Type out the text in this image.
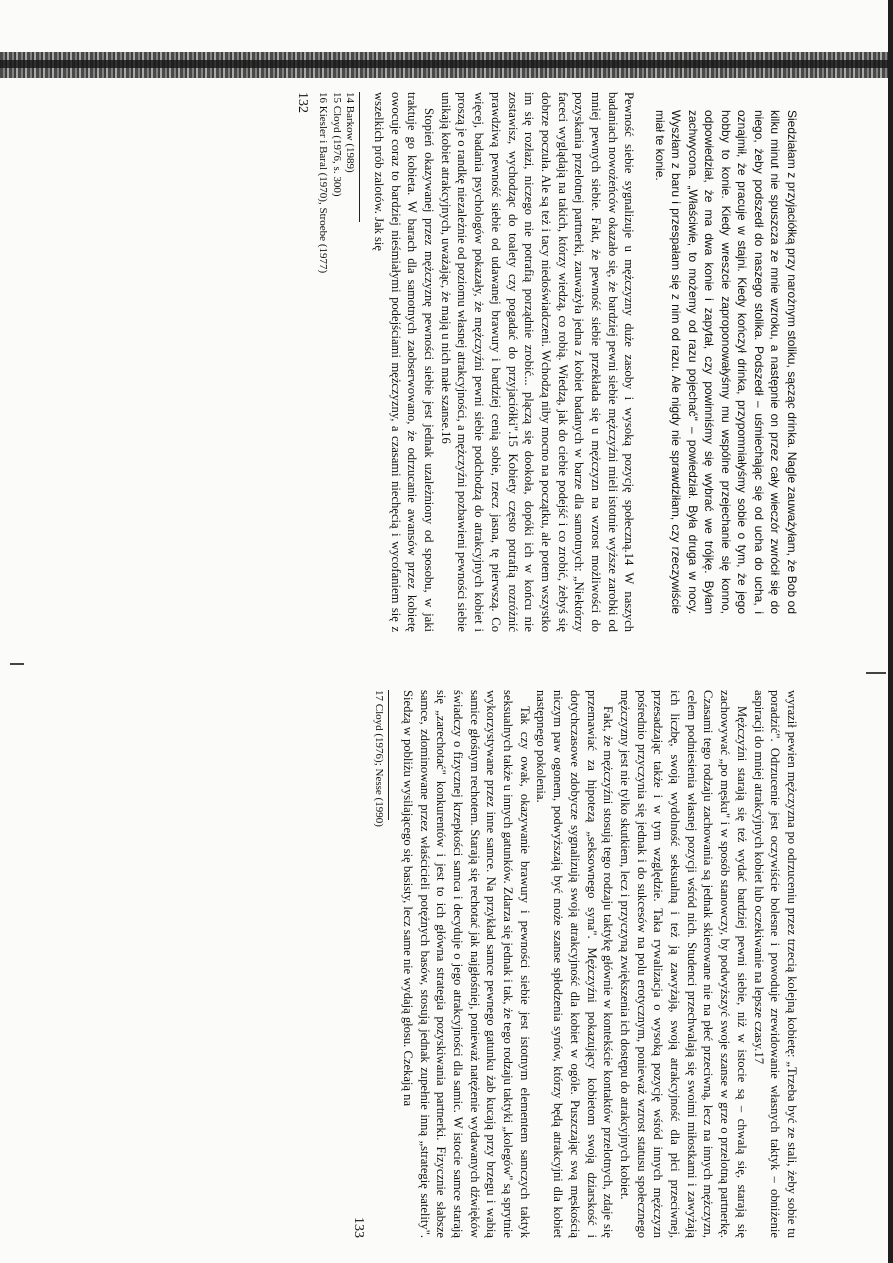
Siedziałam z przyjaciółką przy narożnym stoliku, sącząc drinka. Nagle zauważyłam, że Bob od kilku minut nie spuszcza ze mnie wzroku, a następnie on przez cały wieczór zwrócił się do niego, żeby podszedł do naszego stolika. Podszedł – uśmiechając się od ucha do ucha, i oznajmił, że pracuje w stajni. Kiedy kończył drinka, przypomniałyśmy sobie o tym, że jego hobby to konie. Kiedy wreszcie zaproponowałyśmy mu wspólne przejechanie się konno, odpowiedział, że ma dwa konie i zapytał, czy powinniśmy się wybrać we trójkę. Byłam zachwycona. „Właściwie, to możemy od razu pojechać" – powiedział. Była druga w nocy. Wyszłam z baru i przespałam się z nim od razu. Ale nigdy nie sprawdziłam, czy rzeczywiście miał te konie.

Pewność siebie sygnalizuje u mężczyzny duże zasoby i wysoką pozycję społeczną.14 W naszych badaniach nowożeńców okazało się, że bardziej pewni siebie mężczyźni mieli istotnie wyższe zarobki od mniej pewnych siebie. Fakt, że pewność siebie przekłada się u mężczyzn na wzrost możliwości do pozyskania przelotnej partnerki, zauważyła jedna z kobiet badanych w barze dla samotnych: „Niektórzy faceci wyglądają na takich, którzy wiedzą, co robią. Wiedzą, jak do ciebie podejść i co zrobić, żebyś się dobrze poczuła. Ale są też i tacy niedoświadczeni. Wchodzą niby mocno na początku, ale potem wszystko im się rozłazi, niczego nie potrafią porządnie zrobić... plączą się dookoła, dopóki ich w końcu nie zostawisz, wychodząc do toalety czy pogadać do przyjaciółki".15 Kobiety często potrafią rozróżnić prawdziwą pewność siebie od udawanej brawury i bardziej cenią sobie, rzecz jasna, tę pierwszą. Co więcej, badania psychologów pokazały, że mężczyźni pewni siebie podchodzą do atrakcyjnych kobiet i proszą je o randkę niezależnie od poziomu własnej atrakcyjności, a mężczyźni pozbawieni pewności siebie unikają kobiet atrakcyjnych, uważając, że mają u nich małe szanse.16

Stopień okazywanej przez mężczyznę pewności siebie jest jednak uzależniony od sposobu, w jaki traktuje go kobieta. W barach dla samotnych zaobserwowano, że odrzucanie awansów przez kobietę owocuje coraz to bardziej nieśmiałymi podejściami mężczyzny, a czasami niechęcią i wycofaniem się z wszelkich prób zalotów. Jak się

14 Barkow (1989)
15 Cloyd (1976, s. 300)
16 Kiesler i Baral (1970), Stroebe (1977)
132

wyraził pewien mężczyzna po odrzuceniu przez trzecią kolejną kobietę: „Trzeba być ze stali, żeby sobie tu poradzić". Odrzucenie jest oczywiście bolesne i powoduje zrewidowanie własnych taktyk – obniżenie aspiracji do mniej atrakcyjnych kobiet lub oczekiwanie na lepsze czasy.17

Mężczyźni starają się też wydać bardziej pewni siebie, niż w istocie są – chwalą się, starają się zachowywać „po męsku" i w sposób stanowczy, by podwyższyć swoje szanse w grze o przelotną partnerkę. Czasami tego rodzaju zachowania są jednak skierowane nie na płeć przeciwną, lecz na innych mężczyzn, celem podniesienia własnej pozycji wśród nich. Studenci przechwalają się swoimi miłostkami i zawyżają ich liczbę, swoją wydolność seksualną i też ją zawyżają, swoją atrakcyjność dla płci przeciwnej, przesadzając także i w tym względzie. Taka rywalizacja o wysoką pozycję wśród innych mężczyzn pośrednio przyczynia się jednak i do sukcesów na polu erotycznym, ponieważ wzrost statusu społecznego mężczyzny jest nie tylko skutkiem, lecz i przyczyną zwiększenia ich dostępu do atrakcyjnych kobiet.

Fakt, że mężczyźni stosują tego rodzaju taktykę głównie w kontekście kontaktów przelotnych, zdaje się przemawiać za hipotezą „seksownego syna". Mężczyźni pokazujący kobietom swoją dziarskość i dotychczasowe zdobycze sygnalizują swoją atrakcyjność dla kobiet w ogóle. Puszczając swą męskością niczym paw ogonem, podwyższają być może szanse spłodzenia synów, którzy będą atrakcyjni dla kobiet następnego pokolenia.

Tak czy owak, okazywanie brawury i pewności siebie jest istotnym elementem samczych taktyk seksualnych także u innych gatunków. Zdarza się jednak i tak, że tego rodzaju taktyki „kolegów" są sprytnie wykorzystywane przez inne samce. Na przykład samce pewnego gatunku żab kucają przy brzegu i wabią samice głośnym rechotem. Starają się rechotać jak najgłośniej, ponieważ natężenie wydawanych dźwięków świadczy o fizycznej krzepkości samca i decyduje o jego atrakcyjności dla samic. W istocie samce starają się „zarechotać" konkurentów i jest to ich główna strategia pozyskiwania partnerki. Fizycznie słabsze samce, zdominowane przez właścicieli potężnych basów, stosują jednak zupełnie inną „strategię satelity". Siedzą w pobliżu wysilającego się basisty, lecz same nie wydają głosu. Czekają na

17 Cloyd (1976); Nesse (1990)
133
